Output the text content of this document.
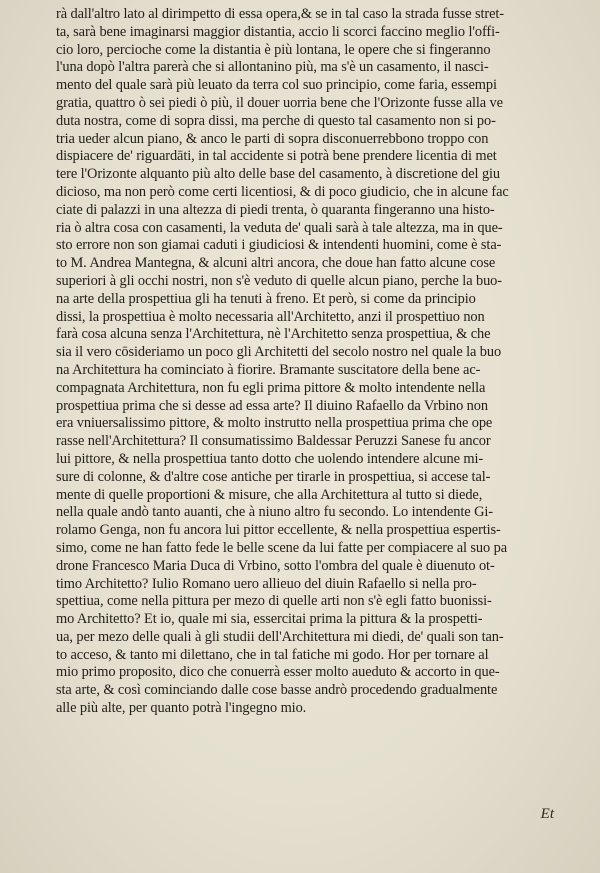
rà dall'altro lato al dirimpetto di essa opera,& se in tal caso la strada fusse stret-
ta, sarà bene imaginarsi maggior distantia, accio li scorci faccino meglio l'offi-
cio loro, percioche come la distantia è più lontana, le opere che si fingeranno
l'una dopò l'altra parerà che si allontanino più, ma s'è un casamento, il nasci-
mento del quale sarà più leuato da terra col suo principio, come faria, essempi
gratia, quattro ò sei piedi ò più, il douer uorria bene che l'Orizonte fusse alla ve
duta nostra, come di sopra dissi, ma perche di questo tal casamento non si po-
tria ueder alcun piano, & anco le parti di sopra disconuerrebbono troppo con
dispiacere de' riguardāti, in tal accidente si potrà bene prendere licentia di met
tere l'Orizonte alquanto più alto delle base del casamento, à discretione del giu
dicioso, ma non però come certi licentiosi, & di poco giudicio, che in alcune fac
ciate di palazzi in una altezza di piedi trenta, ò quaranta fingeranno una histo-
ria ò altra cosa con casamenti, la veduta de' quali sarà à tale altezza, ma in que-
sto errore non son giamai caduti i giudiciosi & intendenti huomini, come è sta-
to M. Andrea Mantegna, & alcuni altri ancora, che doue han fatto alcune cose
superiori à gli occhi nostri, non s'è veduto di quelle alcun piano, perche la buo-
na arte della prospettiua gli ha tenuti à freno. Et però, si come da principio
dissi, la prospettiua è molto necessaria all'Architetto, anzi il prospettiuo non
farà cosa alcuna senza l'Architettura, nè l'Architetto senza prospettiua, & che
sia il vero cōsideriamo un poco gli Architetti del secolo nostro nel quale la buo
na Architettura ha cominciato à fiorire. Bramante suscitatore della bene ac-
compagnata Architettura, non fu egli prima pittore & molto intendente nella
prospettiua prima che si desse ad essa arte? Il diuino Rafaello da Vrbino non
era vniuersalissimo pittore, & molto instrutto nella prospettiua prima che ope
rasse nell'Architettura? Il consumatissimo Baldessar Peruzzi Sanese fu ancor
lui pittore, & nella prospettiua tanto dotto che uolendo intendere alcune mi-
sure di colonne, & d'altre cose antiche per tirarle in prospettiua, si accese tal-
mente di quelle proportioni & misure, che alla Architettura al tutto si diede,
nella quale andò tanto auanti, che à niuno altro fu secondo. Lo intendente Gi-
rolamo Genga, non fu ancora lui pittor eccellente, & nella prospettiua espertis-
simo, come ne han fatto fede le belle scene da lui fatte per compiacere al suo pa
drone Francesco Maria Duca di Vrbino, sotto l'ombra del quale è diuenuto ot-
timo Architetto? Iulio Romano uero allieuo del diuin Rafaello si nella pro-
spettiua, come nella pittura per mezo di quelle arti non s'è egli fatto buonissi-
mo Architetto? Et io, quale mi sia, essercitai prima la pittura & la prospetti-
ua, per mezo delle quali à gli studii dell'Architettura mi diedi, de' quali son tan-
to acceso, & tanto mi dilettano, che in tal fatiche mi godo. Hor per tornare al
mio primo proposito, dico che conuerrà esser molto aueduto & accorto in que-
sta arte, & così cominciando dalle cose basse andrò procedendo gradualmente
alle più alte, per quanto potrà l'ingegno mio.
Et
